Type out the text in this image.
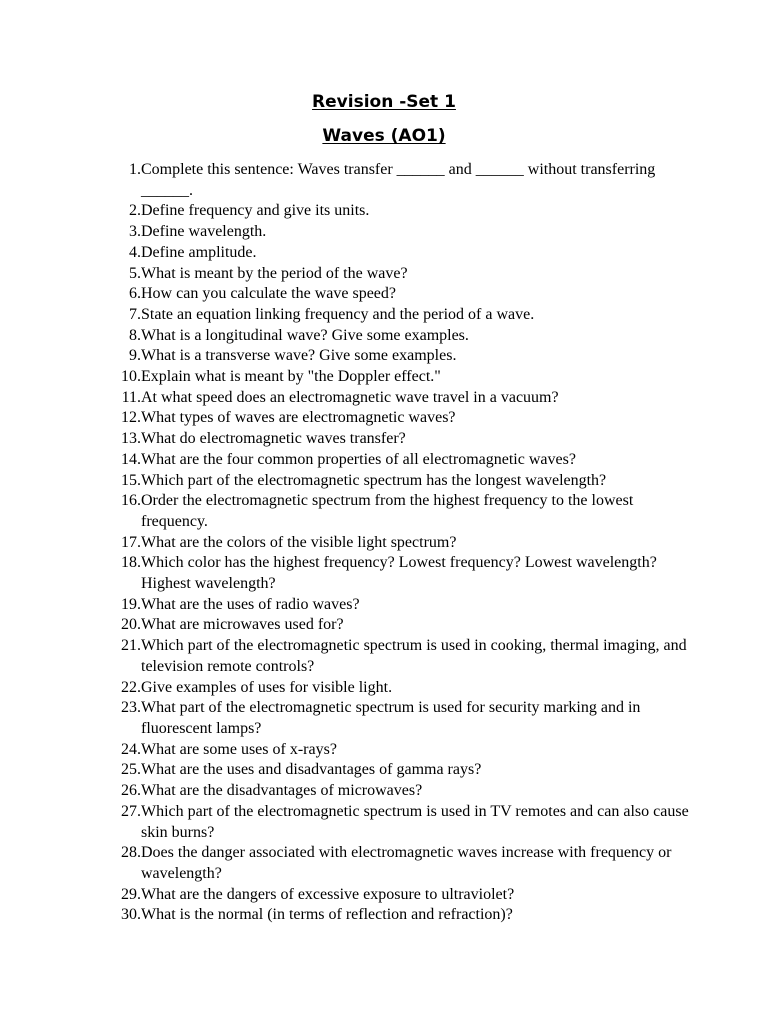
Revision -Set 1
Waves (AO1)
1. Complete this sentence: Waves transfer ______ and ______ without transferring ______.
2. Define frequency and give its units.
3. Define wavelength.
4. Define amplitude.
5. What is meant by the period of the wave?
6. How can you calculate the wave speed?
7. State an equation linking frequency and the period of a wave.
8. What is a longitudinal wave? Give some examples.
9. What is a transverse wave? Give some examples.
10. Explain what is meant by "the Doppler effect."
11. At what speed does an electromagnetic wave travel in a vacuum?
12. What types of waves are electromagnetic waves?
13. What do electromagnetic waves transfer?
14. What are the four common properties of all electromagnetic waves?
15. Which part of the electromagnetic spectrum has the longest wavelength?
16. Order the electromagnetic spectrum from the highest frequency to the lowest frequency.
17. What are the colors of the visible light spectrum?
18. Which color has the highest frequency? Lowest frequency? Lowest wavelength? Highest wavelength?
19. What are the uses of radio waves?
20. What are microwaves used for?
21. Which part of the electromagnetic spectrum is used in cooking, thermal imaging, and television remote controls?
22. Give examples of uses for visible light.
23. What part of the electromagnetic spectrum is used for security marking and in fluorescent lamps?
24. What are some uses of x-rays?
25. What are the uses and disadvantages of gamma rays?
26. What are the disadvantages of microwaves?
27. Which part of the electromagnetic spectrum is used in TV remotes and can also cause skin burns?
28. Does the danger associated with electromagnetic waves increase with frequency or wavelength?
29. What are the dangers of excessive exposure to ultraviolet?
30. What is the normal (in terms of reflection and refraction)?
